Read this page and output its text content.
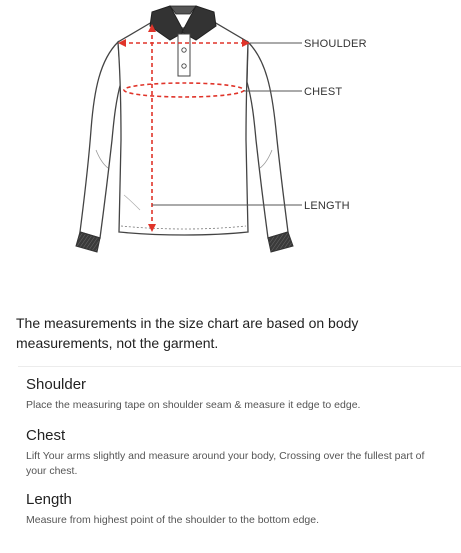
SHOULDER
CHEST
LENGTH
The measurements in the size chart are based on body measurements, not the garment.
Shoulder
Place the measuring tape on shoulder seam & measure it edge to edge.
Chest
Lift Your arms slightly and measure around your body, Crossing over the fullest part of your chest.
Length
Measure from highest point of the shoulder to the bottom edge.
